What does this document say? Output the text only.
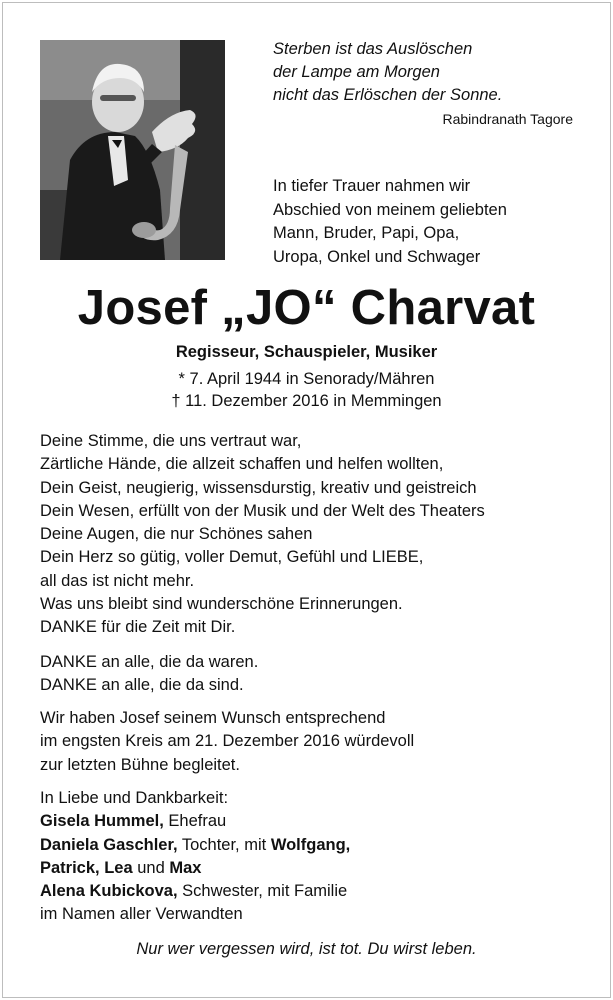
Sterben ist das Auslöschen
der Lampe am Morgen
nicht das Erlöschen der Sonne.
Rabindranath Tagore
In tiefer Trauer nahmen wir
Abschied von meinem geliebten
Mann, Bruder, Papi, Opa,
Uropa, Onkel und Schwager
Josef „JO“ Charvat
Regisseur, Schauspieler, Musiker
* 7. April 1944 in Senorady/Mähren
† 11. Dezember 2016 in Memmingen
Deine Stimme, die uns vertraut war,
Zärtliche Hände, die allzeit schaffen und helfen wollten,
Dein Geist, neugierig, wissensdurstig, kreativ und geistreich
Dein Wesen, erfüllt von der Musik und der Welt des Theaters
Deine Augen, die nur Schönes sahen
Dein Herz so gütig, voller Demut, Gefühl und LIEBE,
all das ist nicht mehr.
Was uns bleibt sind wunderschöne Erinnerungen.
DANKE für die Zeit mit Dir.
DANKE an alle, die da waren.
DANKE an alle, die da sind.
Wir haben Josef seinem Wunsch entsprechend
im engsten Kreis am 21. Dezember 2016 würdevoll
zur letzten Bühne begleitet.
In Liebe und Dankbarkeit:
Gisela Hummel, Ehefrau
Daniela Gaschler, Tochter, mit Wolfgang,
Patrick, Lea und Max
Alena Kubickova, Schwester, mit Familie
im Namen aller Verwandten
Nur wer vergessen wird, ist tot. Du wirst leben.
